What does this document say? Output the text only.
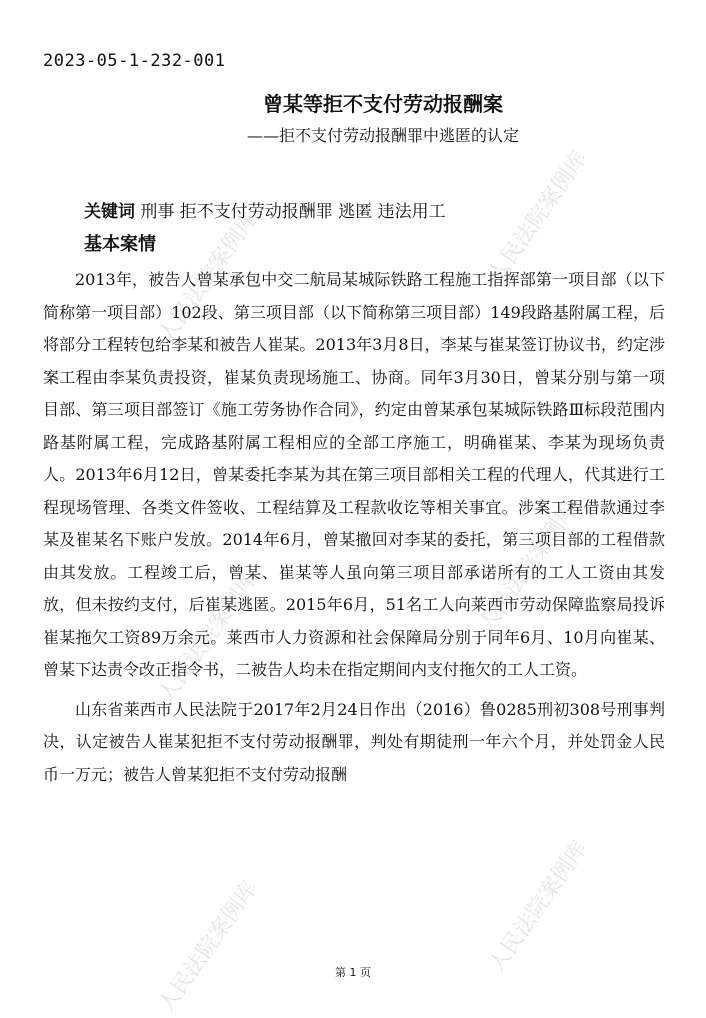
人民法院案例库	人民法院案例库
人民法院案例库	人民法院案例库
人民法院案例库	人民法院案例库
2023-05-1-232-001
曾某等拒不支付劳动报酬案
——拒不支付劳动报酬罪中逃匿的认定
关键词 刑事 拒不支付劳动报酬罪 逃匿 违法用工
基本案情

2013年，被告人曾某承包中交二航局某城际铁路工程施工指挥部第一项目部（以下简称第一项目部）102段、第三项目部（以下简称第三项目部）149段路基附属工程，后将部分工程转包给李某和被告人崔某。2013年3月8日，李某与崔某签订协议书，约定涉案工程由李某负责投资，崔某负责现场施工、协商。同年3月30日，曾某分别与第一项目部、第三项目部签订《施工劳务协作合同》，约定由曾某承包某城际铁路Ⅲ标段范围内路基附属工程，完成路基附属工程相应的全部工序施工，明确崔某、李某为现场负责人。2013年6月12日，曾某委托李某为其在第三项目部相关工程的代理人，代其进行工程现场管理、各类文件签收、工程结算及工程款收讫等相关事宜。涉案工程借款通过李某及崔某名下账户发放。2014年6月，曾某撤回对李某的委托，第三项目部的工程借款由其发放。工程竣工后，曾某、崔某等人虽向第三项目部承诺所有的工人工资由其发放，但未按约支付，后崔某逃匿。2015年6月，51名工人向莱西市劳动保障监察局投诉崔某拖欠工资89万余元。莱西市人力资源和社会保障局分别于同年6月、10月向崔某、曾某下达责令改正指令书，二被告人均未在指定期间内支付拖欠的工人工资。

山东省莱西市人民法院于2017年2月24日作出（2016）鲁0285刑初308号刑事判决，认定被告人崔某犯拒不支付劳动报酬罪，判处有期徒刑一年六个月，并处罚金人民币一万元；被告人曾某犯拒不支付劳动报酬

第 1 页
